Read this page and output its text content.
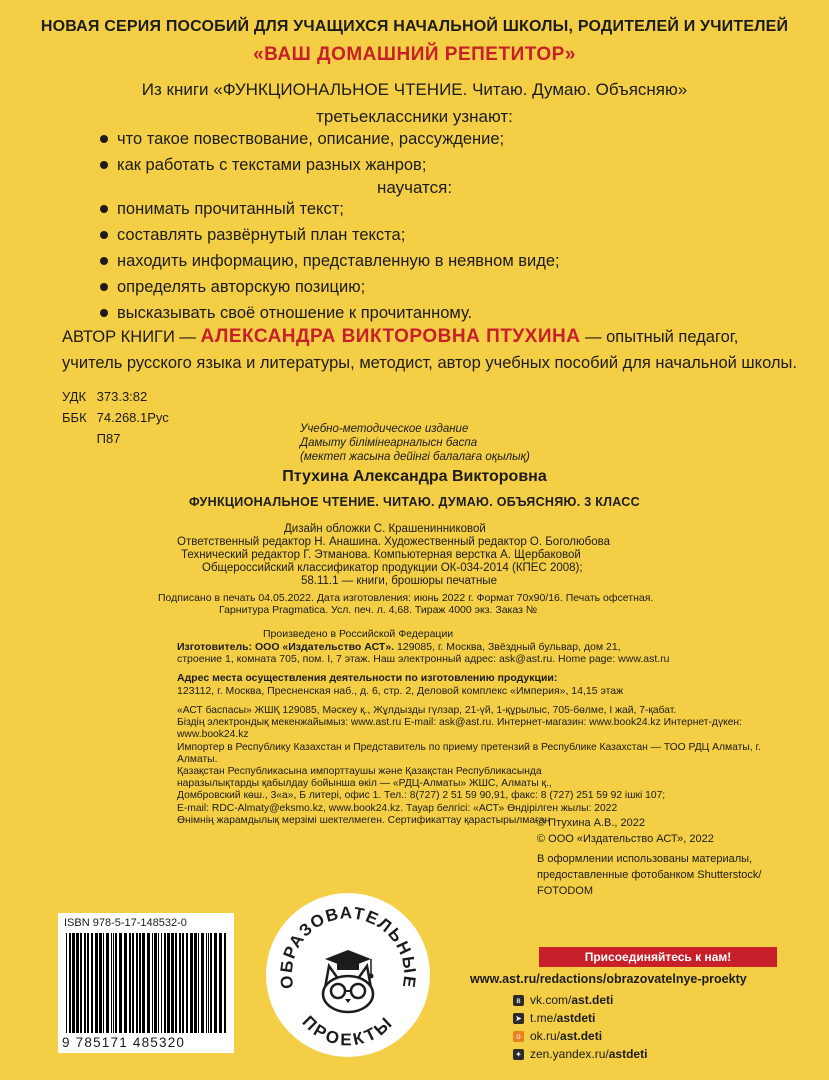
НОВАЯ СЕРИЯ ПОСОБИЙ ДЛЯ УЧАЩИХСЯ НАЧАЛЬНОЙ ШКОЛЫ, РОДИТЕЛЕЙ И УЧИТЕЛЕЙ
«ВАШ ДОМАШНИЙ РЕПЕТИТОР»
Из книги «ФУНКЦИОНАЛЬНОЕ ЧТЕНИЕ. Читаю. Думаю. Объясняю»
третьеклассники узнают:
что такое повествование, описание, рассуждение;
как работать с текстами разных жанров;
научатся:
понимать прочитанный текст;
составлять развёрнутый план текста;
находить информацию, представленную в неявном виде;
определять авторскую позицию;
высказывать своё отношение к прочитанному.
АВТОР КНИГИ — АЛЕКСАНДРА ВИКТОРОВНА ПТУХИНА — опытный педагог, учитель русского языка и литературы, методист, автор учебных пособий для начальной школы.
УДК	373.3:82
ББК	74.268.1Рус
	П87
Учебно-методическое издание
Дамыту білімінеарналысн баспа
(мектеп жасына дейінгі балалаға оқылық)
Птухина Александра Викторовна
ФУНКЦИОНАЛЬНОЕ ЧТЕНИЕ. ЧИТАЮ. ДУМАЮ. ОБЪЯСНЯЮ. 3 КЛАСС
Дизайн обложки С. Крашенинниковой
Ответственный редактор Н. Анашина. Художественный редактор О. Боголюбова
Технический редактор Г. Этманова. Компьютерная верстка А. Щербаковой
Общероссийский классификатор продукции ОК-034-2014 (КПЕС 2008);
58.11.1 — книги, брошюры печатные
Подписано в печать 04.05.2022. Дата изготовления: июнь 2022 г. Формат 70x90/16. Печать офсетная.
Гарнитура Pragmatica. Усл. печ. л. 4,68. Тираж 4000 экз. Заказ №
Произведено в Российской Федерации
Изготовитель: ООО «Издательство АСТ». 129085, г. Москва, Звёздный бульвар, дом 21,
строение 1, комната 705, пом. I, 7 этаж. Наш электронный адрес: ask@ast.ru. Home page: www.ast.ru
Адрес места осуществления деятельности по изготовлению продукции:
123112, г. Москва, Пресненская наб., д. 6, стр. 2, Деловой комплекс «Империя», 14,15 этаж
«АСТ баспасы» ЖШҚ 129085, Мәскеу қ., Жұлдызды гүлзар, 21-үй, 1-құрылыс, 705-бөлме, I жай, 7-қабат.
Біздің электрондық мекенжайымыз: www.ast.ru E-mail: ask@ast.ru. Интернет-магазин: www.book24.kz Интернет-дүкен: www.book24.kz
Импортер в Республику Казахстан и Представитель по приему претензий в Республике Казахстан — ТОО РДЦ Алматы, г. Алматы.
Қазақстан Республикасына импорттаушы және Қазақстан Республикасында
наразылықтарды қабылдау бойынша өкіл — «РДЦ-Алматы» ЖШС, Алматы қ.,
Домбровский көш., 3«а», Б литері, офис 1. Тел.: 8(727) 2 51 59 90,91, факс: 8 (727) 251 59 92 ішкі 107;
E-mail: RDC-Almaty@eksmo.kz, www.book24.kz. Тауар белгісі: «АСТ» Өндірілген жылы: 2022
Өнімнің жарамдылық мерзімі шектелмеген. Сертификаттау қарастырылмаған
© Птухина А.В., 2022
© ООО «Издательство АСТ», 2022
В оформлении использованы материалы,
предоставленные фотобанком Shutterstock/
FOTODOM
ISBN 978-5-17-148532-0
9 785171 485320
ОБРАЗОВАТЕЛЬНЫЕ
ПРОЕКТЫ
Присоединяйтесь к нам!
www.ast.ru/redactions/obrazovatelnye-proekty
в vk.com/ ast.deti
➤ t.me/ astdeti
о ok.ru/ ast.deti
✦ zen.yandex.ru/ astdeti
